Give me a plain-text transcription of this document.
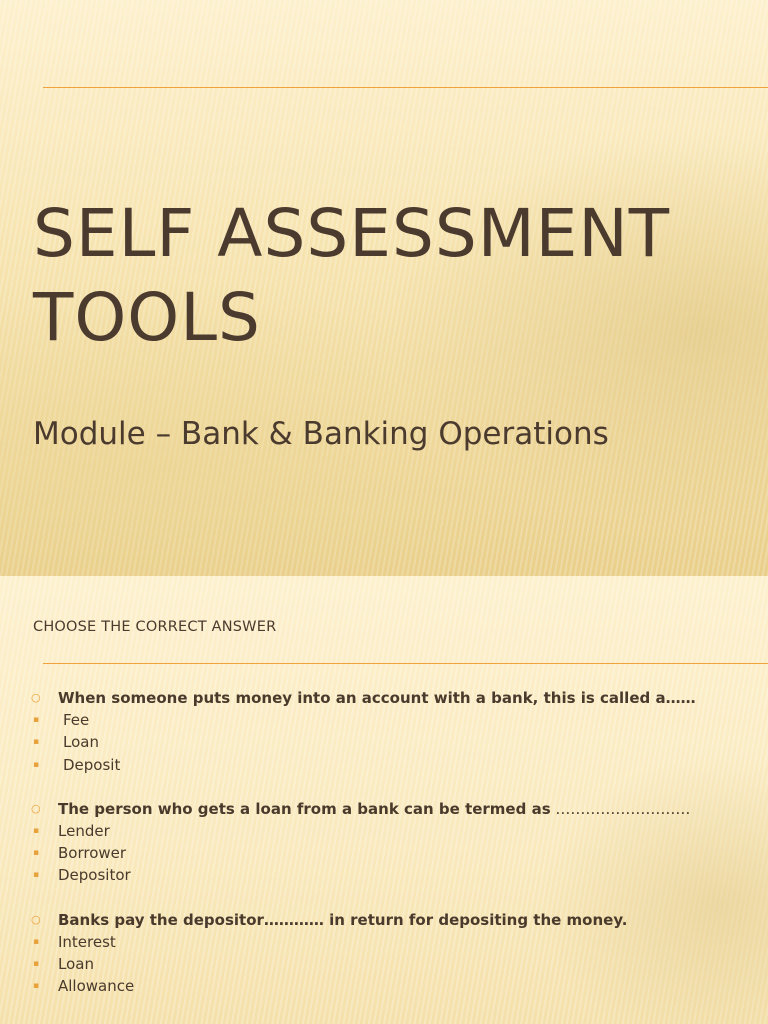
SELF ASSESSMENT
TOOLS
Module – Bank & Banking Operations
CHOOSE THE CORRECT ANSWER
○ When someone puts money into an account with a bank, this is called a……
▪ Fee
▪ Loan
▪ Deposit
○ The person who gets a loan from a bank can be termed as ………………………
▪ Lender
▪ Borrower
▪ Depositor
○ Banks pay the depositor………… in return for depositing the money.
▪ Interest
▪ Loan
▪ Allowance
